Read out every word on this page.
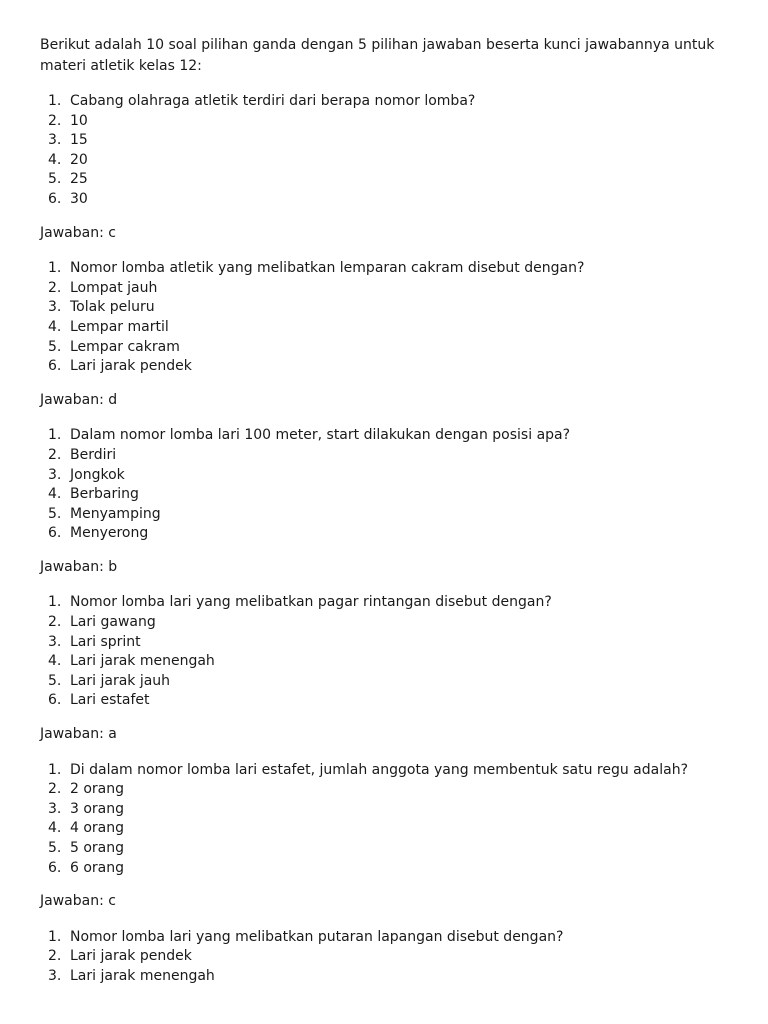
Berikut adalah 10 soal pilihan ganda dengan 5 pilihan jawaban beserta kunci jawabannya untuk materi atletik kelas 12:

1. Cabang olahraga atletik terdiri dari berapa nomor lomba?
2. 10
3. 15
4. 20
5. 25
6. 30

Jawaban: c

1. Nomor lomba atletik yang melibatkan lemparan cakram disebut dengan?
2. Lompat jauh
3. Tolak peluru
4. Lempar martil
5. Lempar cakram
6. Lari jarak pendek

Jawaban: d

1. Dalam nomor lomba lari 100 meter, start dilakukan dengan posisi apa?
2. Berdiri
3. Jongkok
4. Berbaring
5. Menyamping
6. Menyerong

Jawaban: b

1. Nomor lomba lari yang melibatkan pagar rintangan disebut dengan?
2. Lari gawang
3. Lari sprint
4. Lari jarak menengah
5. Lari jarak jauh
6. Lari estafet

Jawaban: a

1. Di dalam nomor lomba lari estafet, jumlah anggota yang membentuk satu regu adalah?
2. 2 orang
3. 3 orang
4. 4 orang
5. 5 orang
6. 6 orang

Jawaban: c

1. Nomor lomba lari yang melibatkan putaran lapangan disebut dengan?
2. Lari jarak pendek
3. Lari jarak menengah
